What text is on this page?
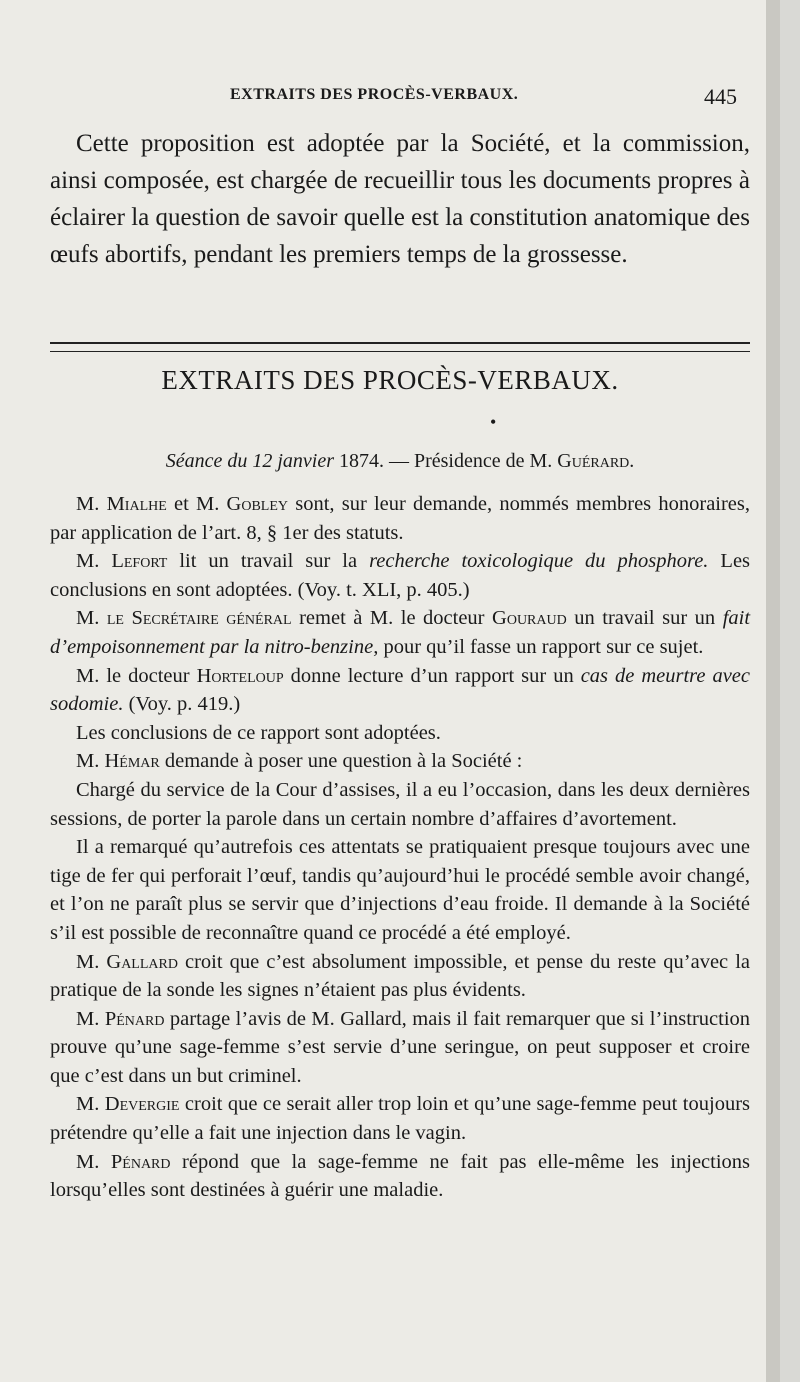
EXTRAITS DES PROCÈS-VERBAUX.	445

Cette proposition est adoptée par la Société, et la commission, ainsi composée, est chargée de recueillir tous les documents propres à éclairer la question de savoir quelle est la constitution anatomique des œufs abortifs, pendant les premiers temps de la grossesse.

EXTRAITS DES PROCÈS-VERBAUX.
•
Séance du 12 janvier 1874. — Présidence de M. Guérard.

M. Mialhe et M. Gobley sont, sur leur demande, nommés membres honoraires, par application de l’art. 8, § 1er des statuts.

M. Lefort lit un travail sur la recherche toxicologique du phosphore. Les conclusions en sont adoptées. (Voy. t. XLI, p. 405.)

M. le Secrétaire général remet à M. le docteur Gouraud un travail sur un fait d’empoisonnement par la nitro-benzine, pour qu’il fasse un rapport sur ce sujet.

M. le docteur Horteloup donne lecture d’un rapport sur un cas de meurtre avec sodomie. (Voy. p. 419.)

Les conclusions de ce rapport sont adoptées.

M. Hémar demande à poser une question à la Société :

Chargé du service de la Cour d’assises, il a eu l’occasion, dans les deux dernières sessions, de porter la parole dans un certain nombre d’affaires d’avortement.

Il a remarqué qu’autrefois ces attentats se pratiquaient presque toujours avec une tige de fer qui perforait l’œuf, tandis qu’aujourd’hui le procédé semble avoir changé, et l’on ne paraît plus se servir que d’injections d’eau froide. Il demande à la Société s’il est possible de reconnaître quand ce procédé a été employé.

M. Gallard croit que c’est absolument impossible, et pense du reste qu’avec la pratique de la sonde les signes n’étaient pas plus évidents.

M. Pénard partage l’avis de M. Gallard, mais il fait remarquer que si l’instruction prouve qu’une sage-femme s’est servie d’une seringue, on peut supposer et croire que c’est dans un but criminel.

M. Devergie croit que ce serait aller trop loin et qu’une sage-femme peut toujours prétendre qu’elle a fait une injection dans le vagin.

M. Pénard répond que la sage-femme ne fait pas elle-même les injections lorsqu’elles sont destinées à guérir une maladie.
